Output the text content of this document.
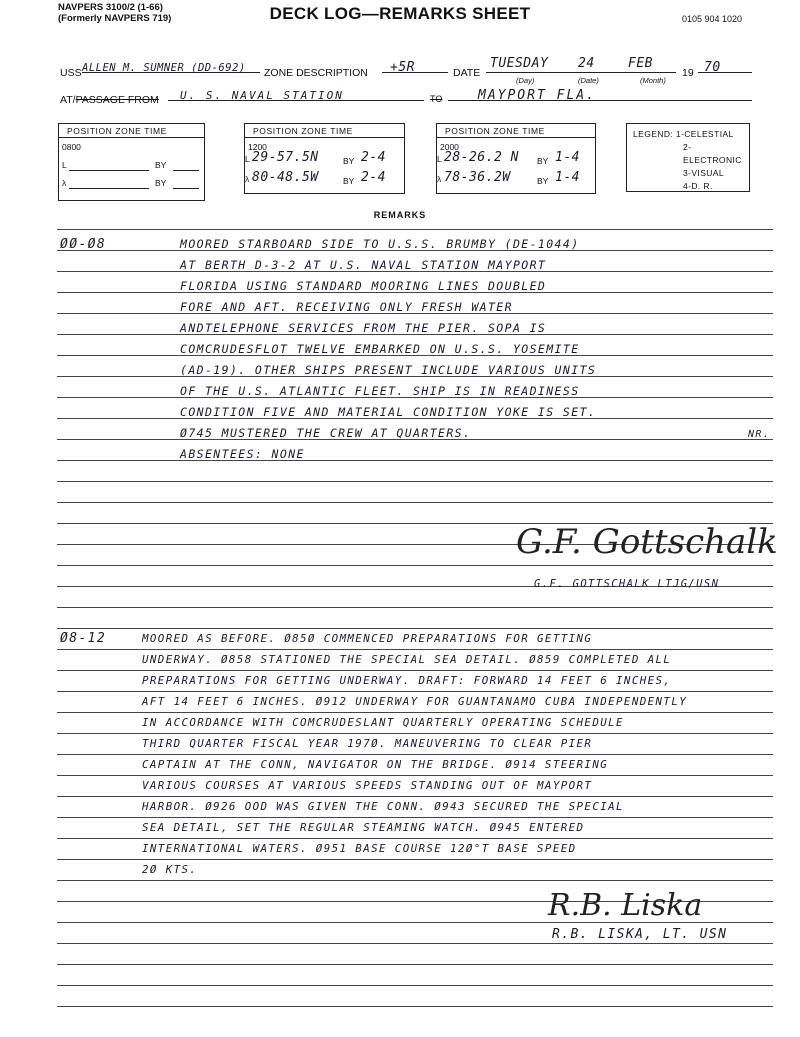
NAVPERS 3100/2 (1-66)
(Formerly NAVPERS 719)	DECK LOG—REMARKS SHEET	0105 904 1020
USS ALLEN M. SUMNER (DD-692)	ZONE DESCRIPTION	+5R	DATE
TUESDAY 24	FEB
(Day)	(Date)	(Month)
19 70
AT/PASSAGE FROM	U. S. NAVAL STATION	TO	MAYPORT FLA.
POSITION ZONE TIME
0800
L	BY
λ	BY
POSITION ZONE TIME
1200
L 29-57.5N	BY 2-4
λ 80-48.5W	BY 2-4
POSITION ZONE TIME
2000
L 28-26.2 N BY 1-4
λ 78-36.2W	BY 1-4
LEGEND: 1-CELESTIAL
2-ELECTRONIC
3-VISUAL
4-D. R.
REMARKS
ØØ-Ø8	MOORED STARBOARD SIDE TO U.S.S. BRUMBY (DE-1044)
AT BERTH D-3-2 AT U.S. NAVAL STATION MAYPORT
FLORIDA USING STANDARD MOORING LINES DOUBLED
FORE AND AFT. RECEIVING ONLY FRESH WATER
ANDTELEPHONE SERVICES FROM THE PIER. SOPA IS
COMCRUDESFLOT TWELVE EMBARKED ON U.S.S. YOSEMITE
(AD-19). OTHER SHIPS PRESENT INCLUDE VARIOUS UNITS
OF THE U.S. ATLANTIC FLEET. SHIP IS IN READINESS
CONDITION FIVE AND MATERIAL CONDITION YOKE IS SET.
Ø745 MUSTERED THE CREW AT QUARTERS.
ABSENTEES: NONE
NR.
G.F. Gottschalk
G.F. GOTTSCHALK LTJG/USN
Ø8-12	MOORED AS BEFORE. Ø85Ø COMMENCED PREPARATIONS FOR GETTING
UNDERWAY. Ø858 STATIONED THE SPECIAL SEA DETAIL. Ø859 COMPLETED ALL
PREPARATIONS FOR GETTING UNDERWAY. DRAFT: FORWARD 14 FEET 6 INCHES,
AFT 14 FEET 6 INCHES. Ø912 UNDERWAY FOR GUANTANAMO CUBA INDEPENDENTLY
IN ACCORDANCE WITH COMCRUDESLANT QUARTERLY OPERATING SCHEDULE
THIRD QUARTER FISCAL YEAR 197Ø. MANEUVERING TO CLEAR PIER
CAPTAIN AT THE CONN, NAVIGATOR ON THE BRIDGE. Ø914 STEERING
VARIOUS COURSES AT VARIOUS SPEEDS STANDING OUT OF MAYPORT
HARBOR. Ø926 OOD WAS GIVEN THE CONN. Ø943 SECURED THE SPECIAL
SEA DETAIL, SET THE REGULAR STEAMING WATCH. Ø945 ENTERED
INTERNATIONAL WATERS. Ø951 BASE COURSE 12Ø°T BASE SPEED
2Ø KTS.
R.B. Liska
R.B. LISKA, LT. USN
